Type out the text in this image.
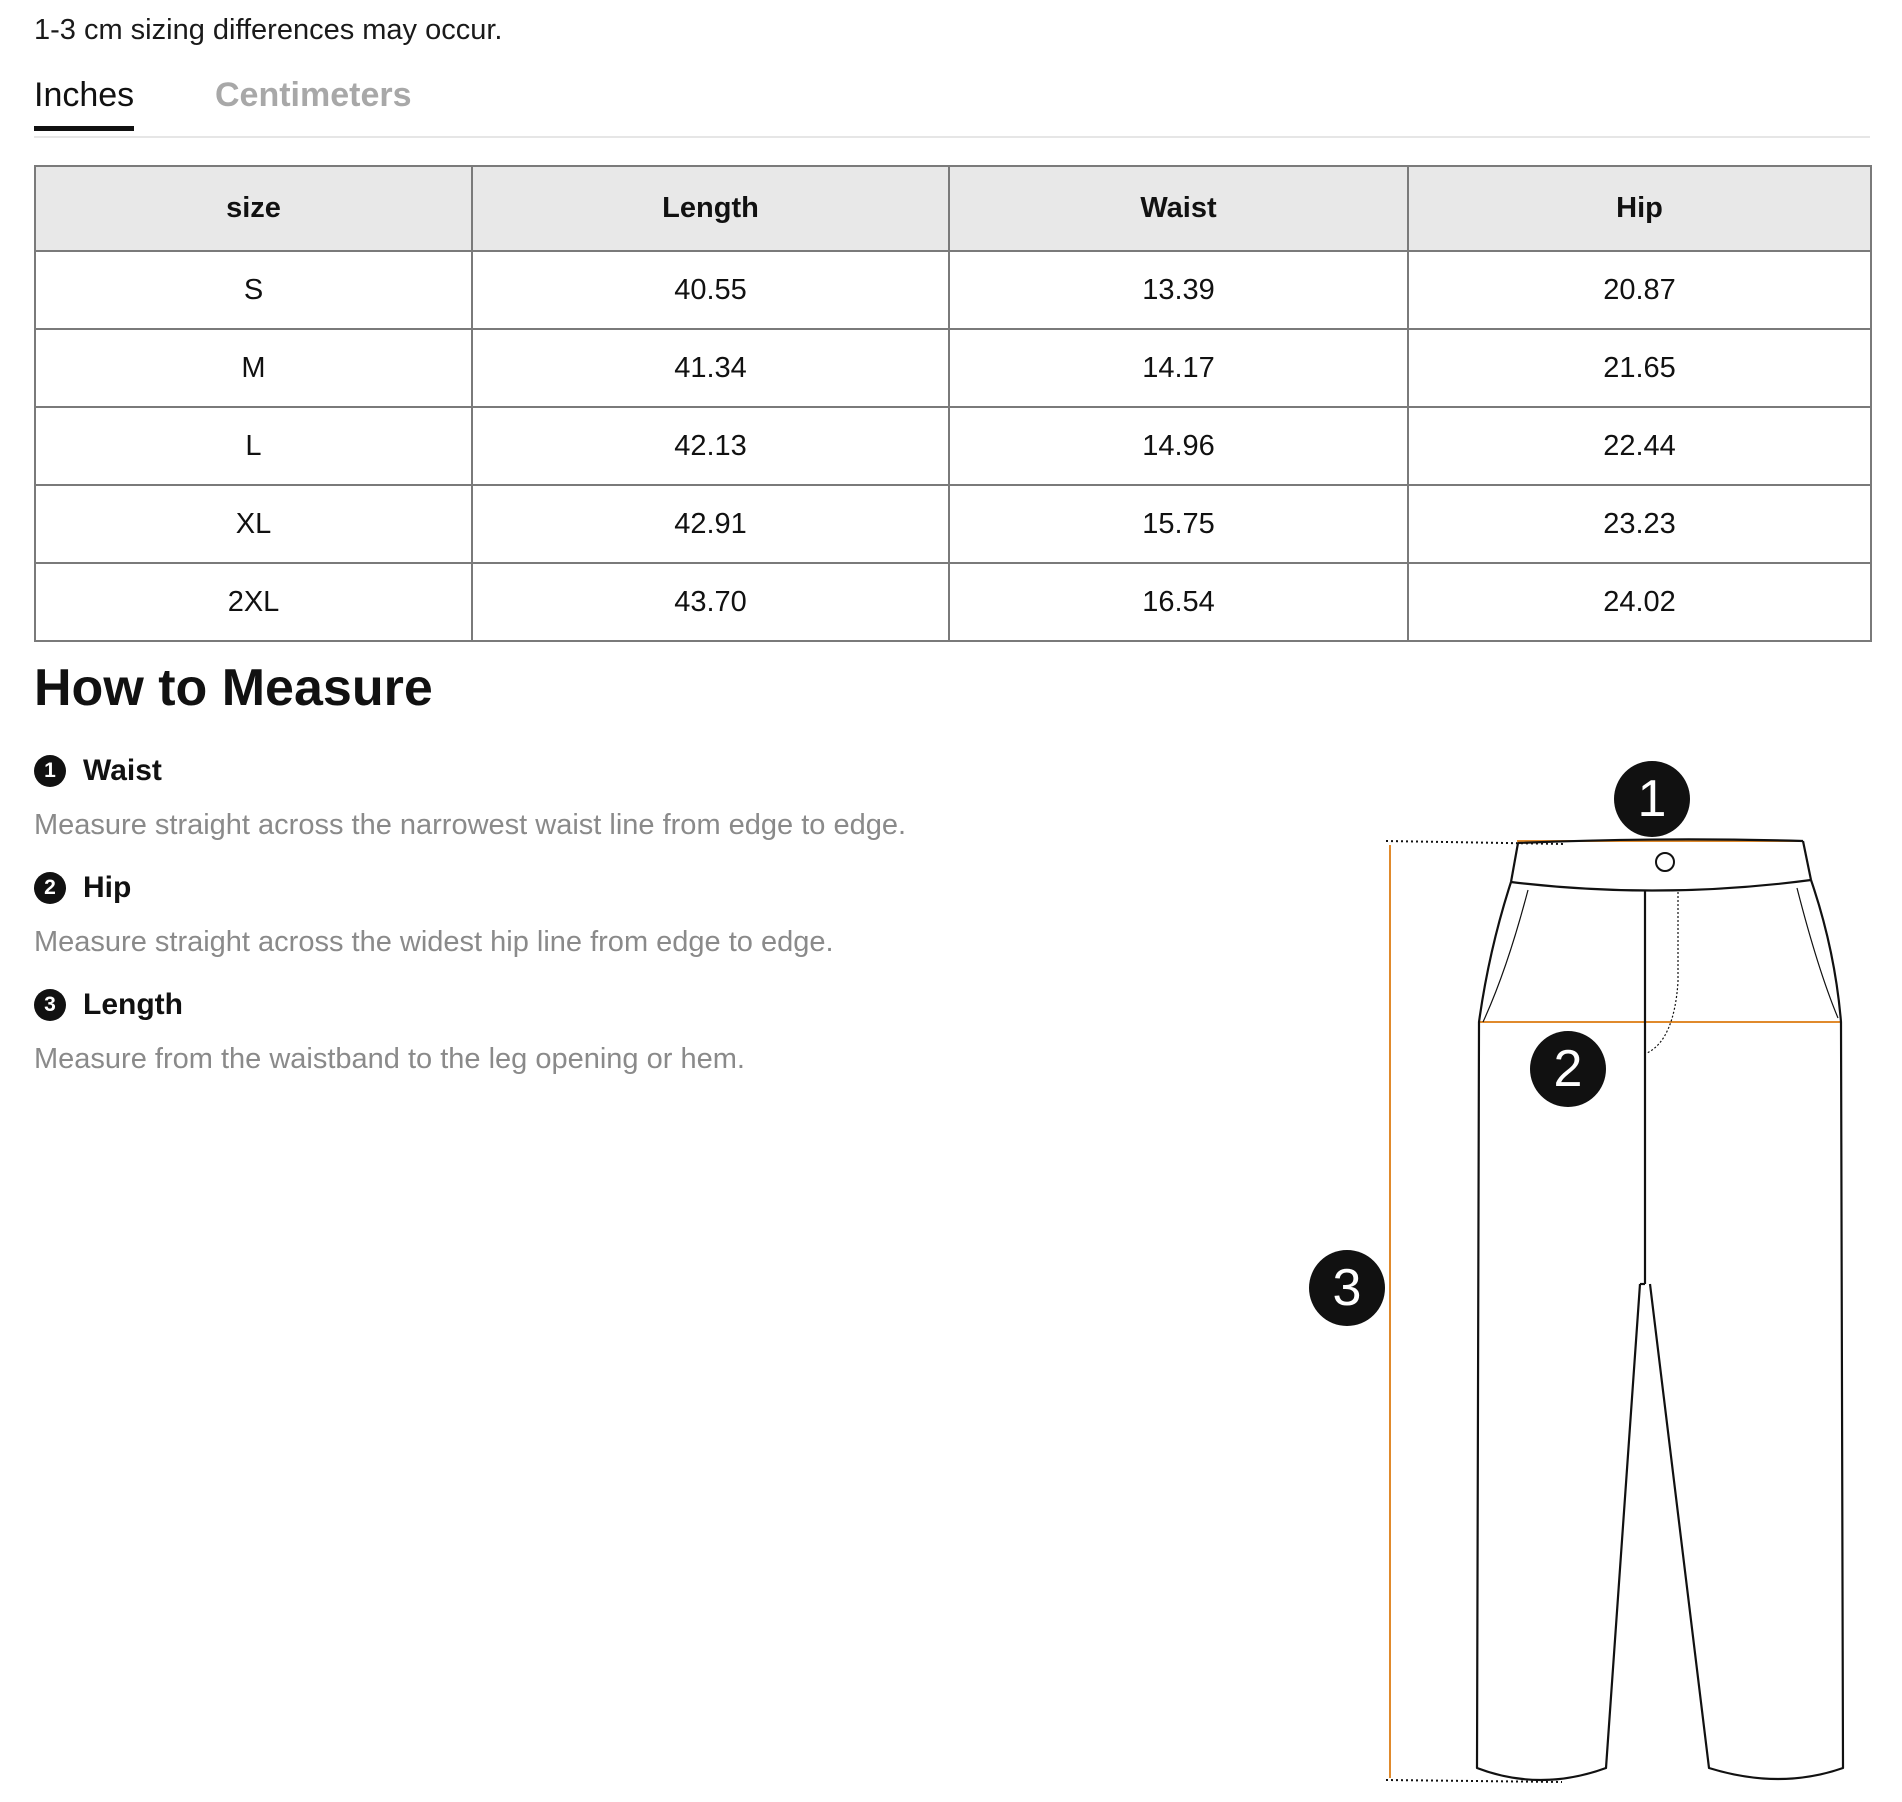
1-3 cm sizing differences may occur.
Inches Centimeters
size	Length	Waist	Hip
S	40.55	13.39	20.87
M	41.34	14.17	21.65
L	42.13	14.96	22.44
XL	42.91	15.75	23.23
2XL	43.70	16.54	24.02
How to Measure
1 Waist
Measure straight across the narrowest waist line from edge to edge.
2 Hip
Measure straight across the widest hip line from edge to edge.
3 Length
Measure from the waistband to the leg opening or hem.
1
2
3
